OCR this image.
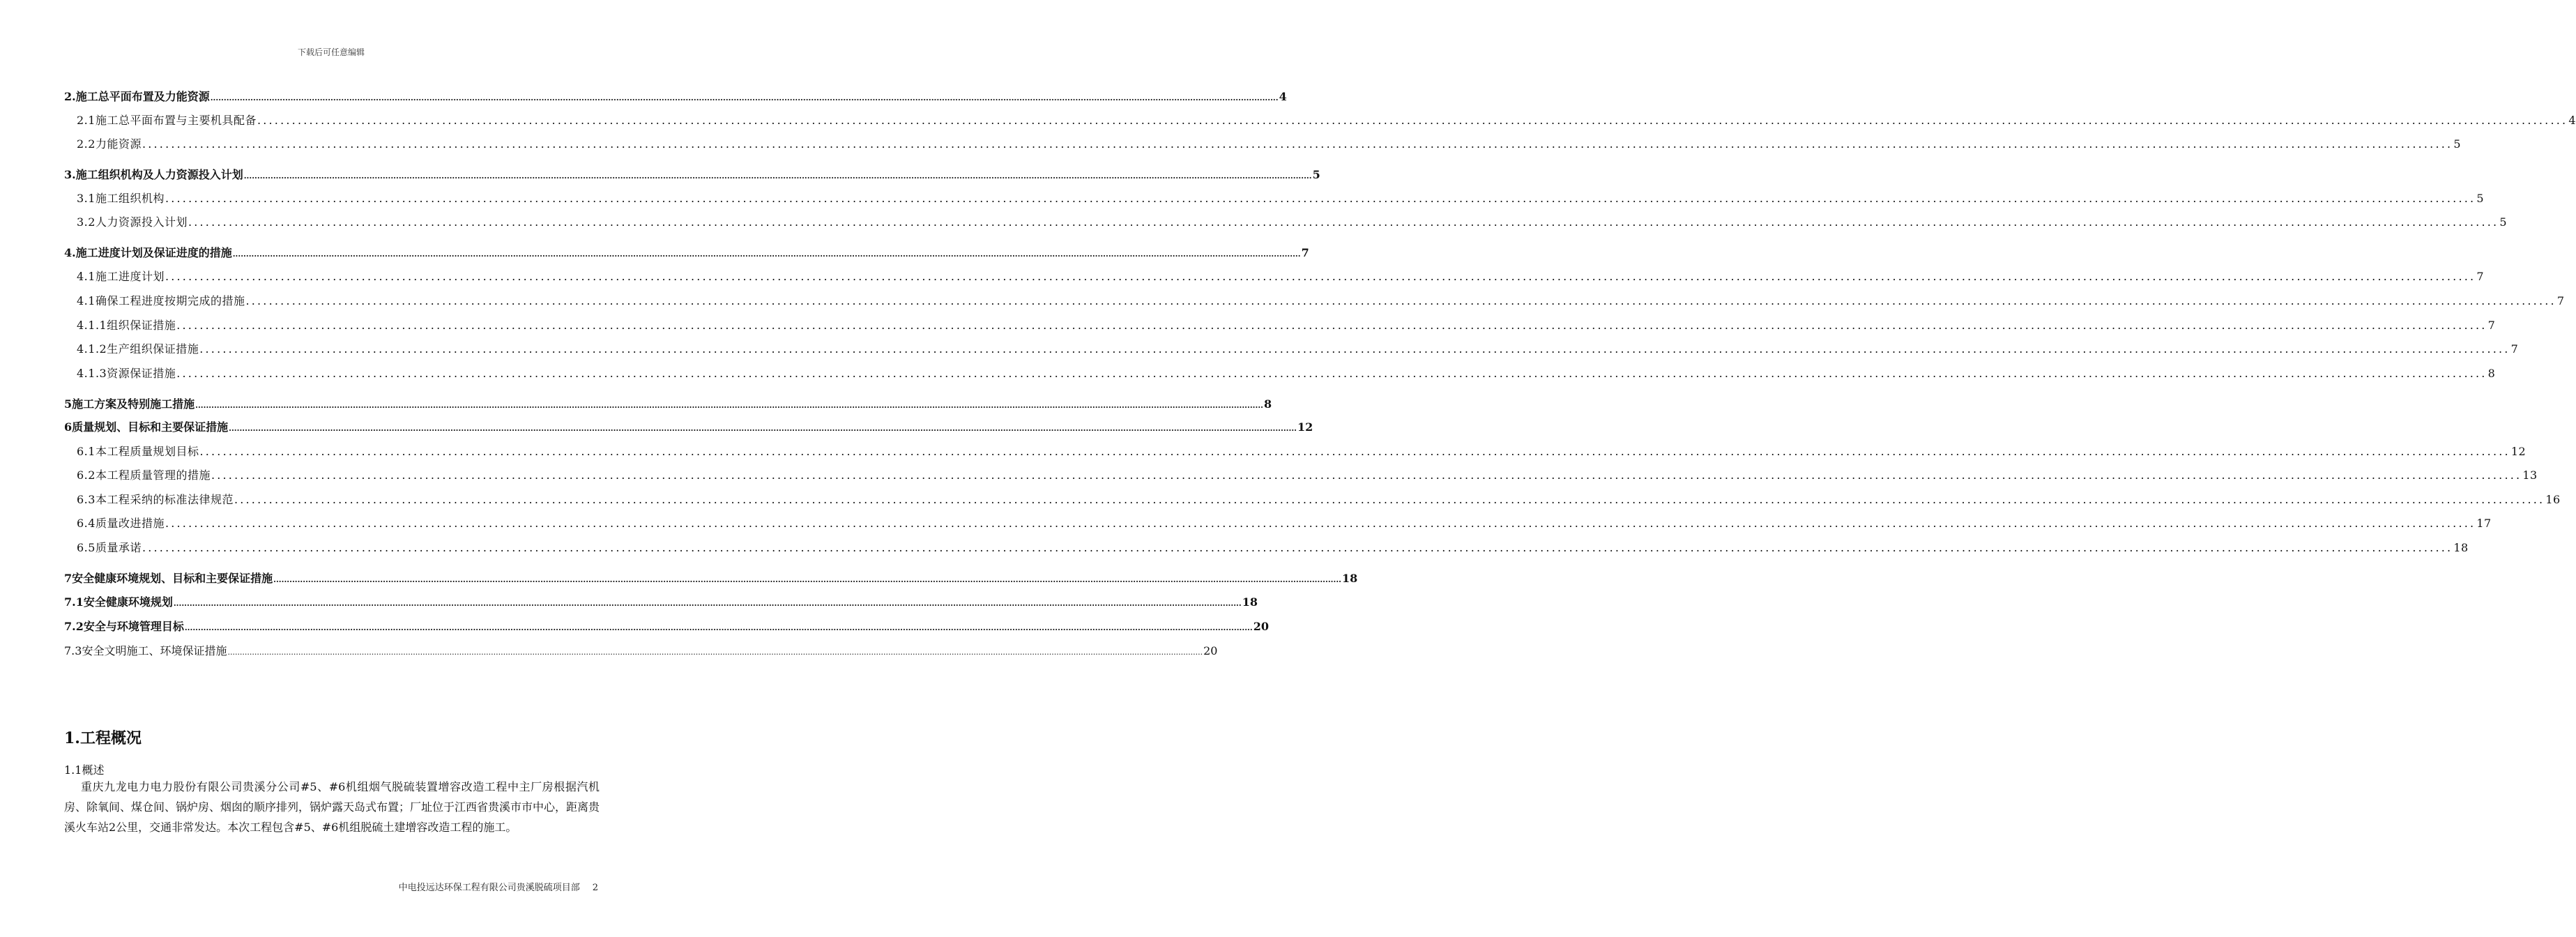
下载后可任意编辑
2.施工总平面布置及力能资源 ................................................................................................................................................................................................................................................................................................................................................................................................................ 4
2.1施工总平面布置与主要机具配备 ................................................................................................................................................................................................................................................................................................................................................................................................................ 4
2.2力能资源 ................................................................................................................................................................................................................................................................................................................................................................................................................ 5
3.施工组织机构及人力资源投入计划 ................................................................................................................................................................................................................................................................................................................................................................................................................ 5
3.1施工组织机构 ................................................................................................................................................................................................................................................................................................................................................................................................................ 5
3.2人力资源投入计划 ................................................................................................................................................................................................................................................................................................................................................................................................................ 5
4.施工进度计划及保证进度的措施 ................................................................................................................................................................................................................................................................................................................................................................................................................ 7
4.1施工进度计划 ................................................................................................................................................................................................................................................................................................................................................................................................................ 7
4.1确保工程进度按期完成的措施 ................................................................................................................................................................................................................................................................................................................................................................................................................ 7
4.1.1组织保证措施 ................................................................................................................................................................................................................................................................................................................................................................................................................ 7
4.1.2生产组织保证措施 ................................................................................................................................................................................................................................................................................................................................................................................................................ 7
4.1.3资源保证措施 ................................................................................................................................................................................................................................................................................................................................................................................................................ 8
5施工方案及特别施工措施 ................................................................................................................................................................................................................................................................................................................................................................................................................ 8
6质量规划、目标和主要保证措施 ................................................................................................................................................................................................................................................................................................................................................................................................................ 12
6.1本工程质量规划目标 ................................................................................................................................................................................................................................................................................................................................................................................................................ 12
6.2本工程质量管理的措施 ................................................................................................................................................................................................................................................................................................................................................................................................................ 13
6.3本工程采纳的标准法律规范 ................................................................................................................................................................................................................................................................................................................................................................................................................ 16
6.4质量改进措施 ................................................................................................................................................................................................................................................................................................................................................................................................................ 17
6.5质量承诺 ................................................................................................................................................................................................................................................................................................................................................................................................................ 18
7安全健康环境规划、目标和主要保证措施 ................................................................................................................................................................................................................................................................................................................................................................................................................ 18
7.1安全健康环境规划 ................................................................................................................................................................................................................................................................................................................................................................................................................ 18
7.2安全与环境管理目标 ................................................................................................................................................................................................................................................................................................................................................................................................................ 20
7.3安全文明施工、环境保证措施 ................................................................................................................................................................................................................................................................................................................................................................................................................ 20
1.工程概况
1.1概述
重庆九龙电力电力股份有限公司贵溪分公司#5、#6机组烟气脱硫装置增容改造工程中主厂房根据汽机房、除氧间、煤仓间、锅炉房、烟囱的顺序排列，锅炉露天岛式布置；厂址位于江西省贵溪市市中心，距离贵溪火车站2公里，交通非常发达。本次工程包含#5、#6机组脱硫土建增容改造工程的施工。
中电投远达环保工程有限公司贵溪脱硫项目部 2
